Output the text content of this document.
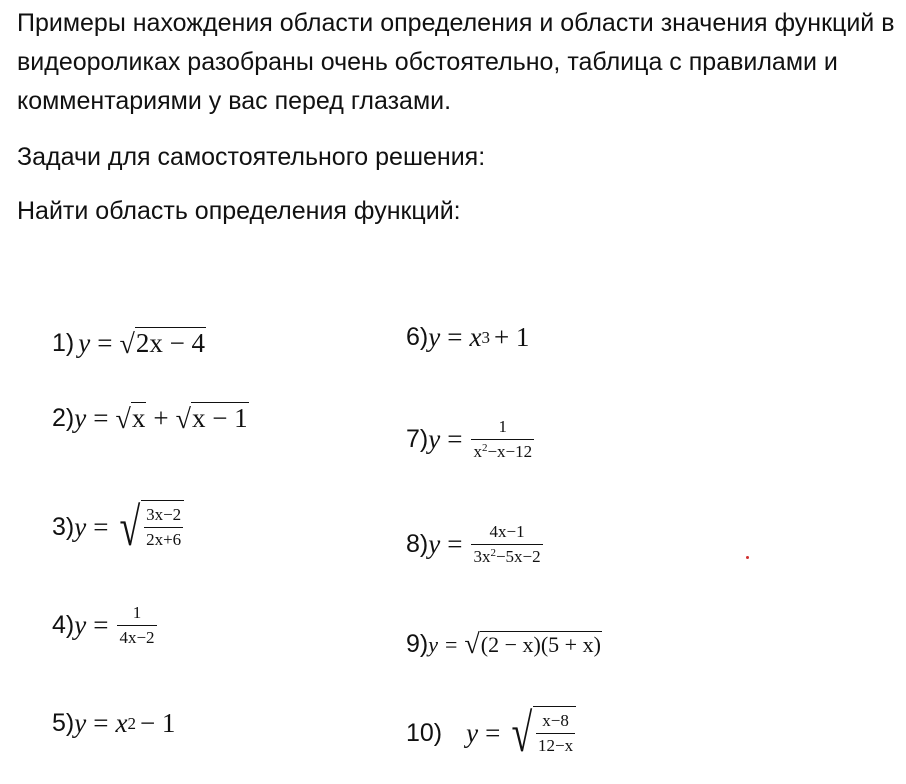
Примеры нахождения области определения и области значения функций в видеороликах разобраны очень обстоятельно, таблица с правилами и комментариями у вас перед глазами.

Задачи для самостоятельного решения:

Найти область определения функций:

1) y = √ 2x − 4
2) y = √ x + √ x − 1
3) y = √ $\frac{3x-2}{2x+6}$
4) $y = \frac{1}{4x-2}$
5) y = x 2 − 1
6) y = x 3 + 1
7) $y = \frac{1}{x^2-x-12}$
8) $y = \frac{4x-1}{3x^2-5x-2}$
9) y = √ (2 − x)(5 + x)
10) y = √ $\frac{x-8}{12-x}$
